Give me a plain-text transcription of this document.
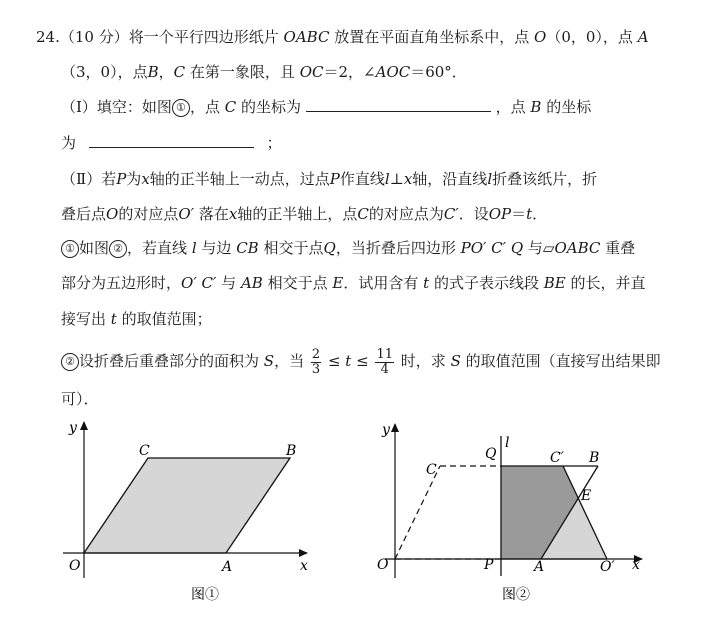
24.（10 分）将一个平行四边形纸片 OABC 放置在平面直角坐标系中，点 O（0，0），点 A
（3，0），点B，C 在第一象限，且 OC＝2，∠AOC＝60°．
（Ⅰ）填空：如图 ① ，点 C 的坐标为	，点 B 的坐标
为	；
（Ⅱ）若P为x轴的正半轴上一动点，过点P作直线l⊥x轴，沿直线l折叠该纸片，折
叠后点O的对应点O′ 落在x轴的正半轴上，点C的对应点为C′．设OP＝t．
① 如图 ② ，若直线 l 与边 CB 相交于点Q，当折叠后四边形 PO′ C′ Q 与▱OABC 重叠
部分为五边形时，O′ C′ 与 AB 相交于点 E．试用含有 t 的式子表示线段 BE 的长，并直
接写出 t 的取值范围；
② 设折叠后重叠部分的面积为 S，当 $\frac{2}{3} \le t \le \frac{11}{4}$ 时，求 S 的取值范围（直接写出结果即
可）．
y
x
O	A
C	B
图①
y
x
O
C
Q
l
C′ B
E
P	A	O′
图②
